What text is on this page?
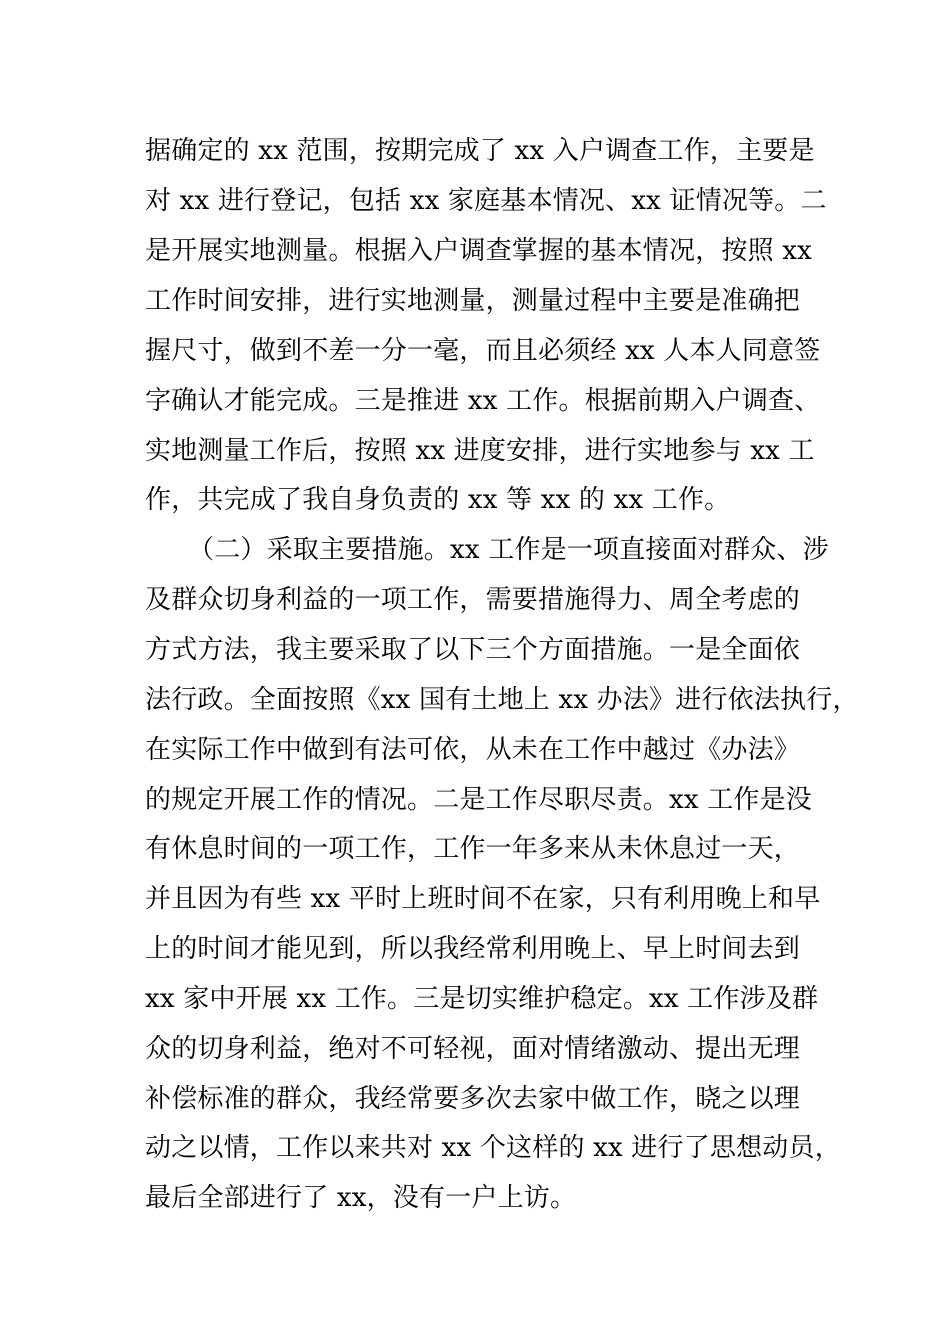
据确定的 xx 范围，按期完成了 xx 入户调查工作，主要是
对 xx 进行登记，包括 xx 家庭基本情况、xx 证情况等。二
是开展实地测量。根据入户调查掌握的基本情况，按照 xx
工作时间安排，进行实地测量，测量过程中主要是准确把
握尺寸，做到不差一分一毫，而且必须经 xx 人本人同意签
字确认才能完成。三是推进 xx 工作。根据前期入户调查、
实地测量工作后，按照 xx 进度安排，进行实地参与 xx 工
作，共完成了我自身负责的 xx 等 xx 的 xx 工作。
（二）采取主要措施。xx 工作是一项直接面对群众、涉
及群众切身利益的一项工作，需要措施得力、周全考虑的
方式方法，我主要采取了以下三个方面措施。一是全面依
法行政。全面按照《xx 国有土地上 xx 办法》进行依法执行，
在实际工作中做到有法可依，从未在工作中越过《办法》
的规定开展工作的情况。二是工作尽职尽责。xx 工作是没
有休息时间的一项工作，工作一年多来从未休息过一天，
并且因为有些 xx 平时上班时间不在家，只有利用晚上和早
上的时间才能见到，所以我经常利用晚上、早上时间去到
xx 家中开展 xx 工作。三是切实维护稳定。xx 工作涉及群
众的切身利益，绝对不可轻视，面对情绪激动、提出无理
补偿标准的群众，我经常要多次去家中做工作，晓之以理
动之以情，工作以来共对 xx 个这样的 xx 进行了思想动员，
最后全部进行了 xx，没有一户上访。
